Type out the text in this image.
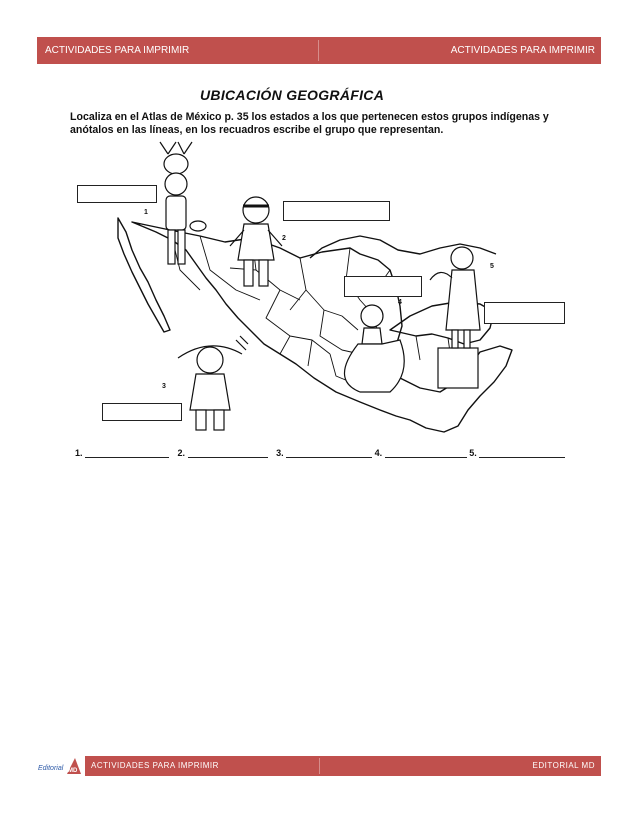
ACTIVIDADES PARA IMPRIMIR	ACTIVIDADES PARA IMPRIMIR
UBICACIÓN GEOGRÁFICA
Localiza en el Atlas de México p. 35 los estados a los que pertenecen estos grupos indígenas y anótalos en las líneas, en los recuadros escribe el grupo que representan.
1
2
3
4
5
1.	2.	3.	4.	5.
Editorial MD
ACTIVIDADES PARA IMPRIMIR	EDITORIAL MD
